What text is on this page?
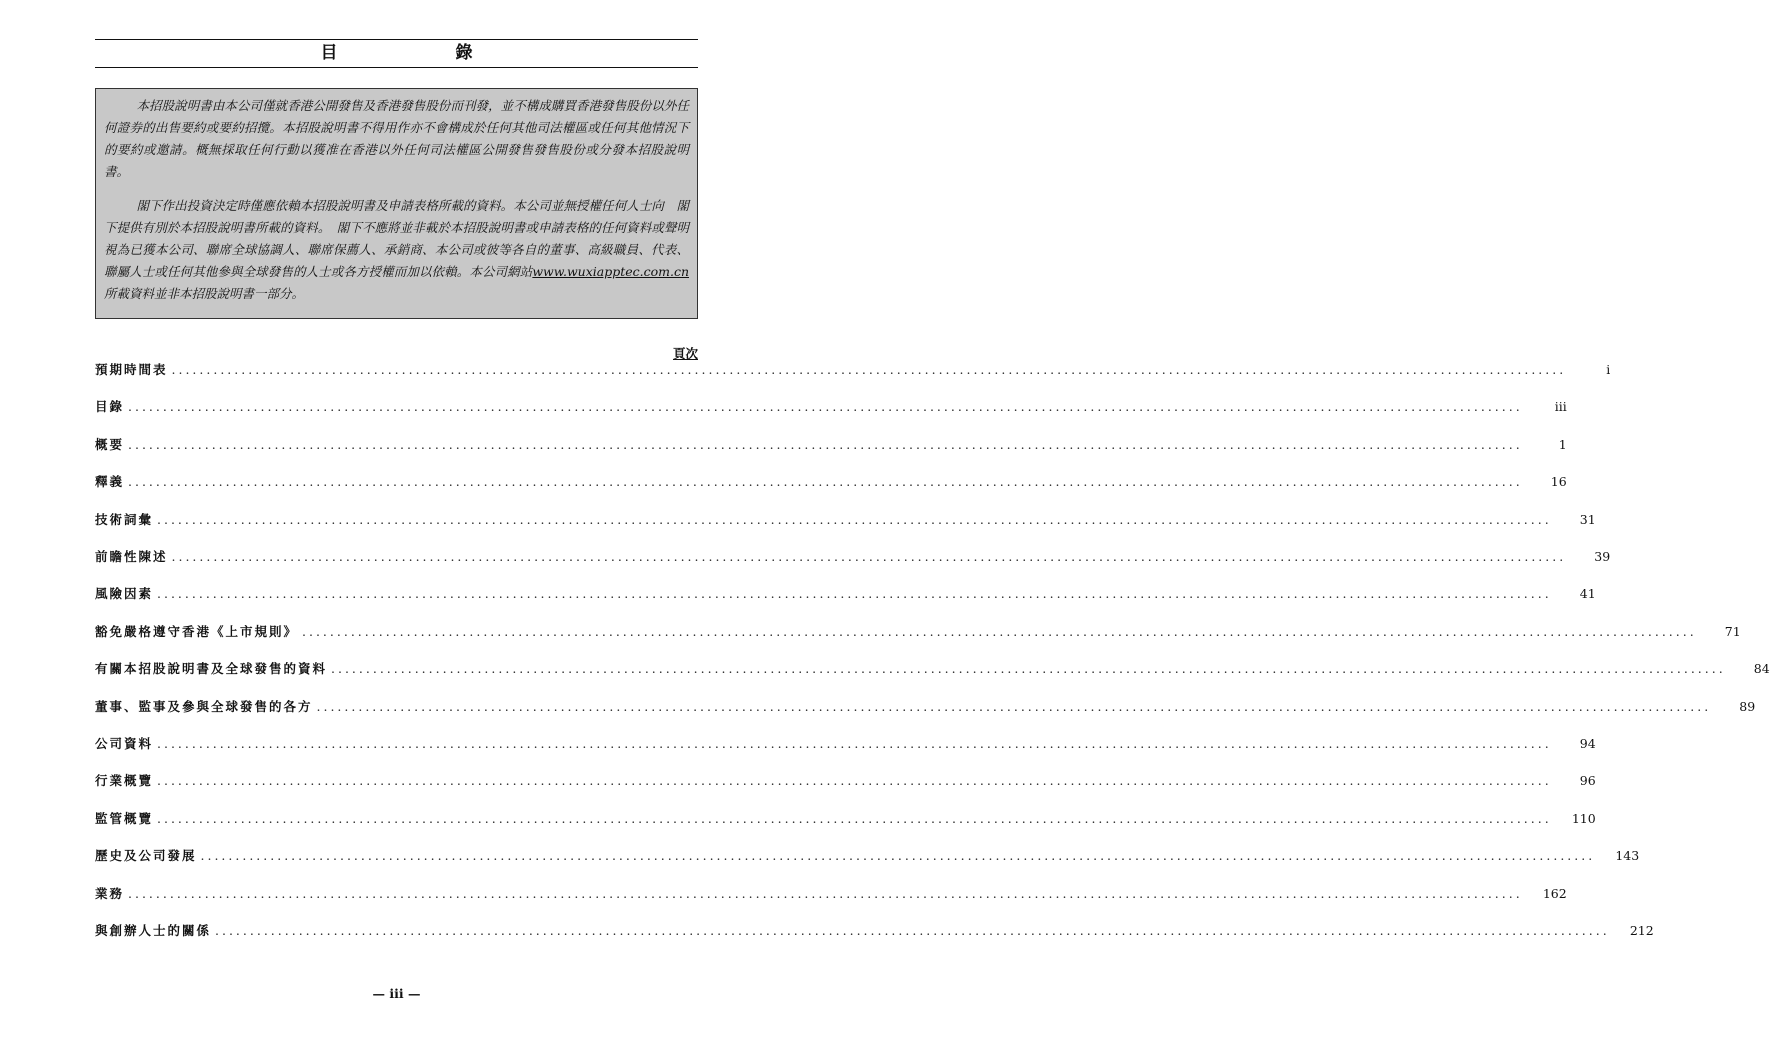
目　　錄

本招股說明書由本公司僅就香港公開發售及香港發售股份而刊發，並不構成購買香港發售股份以外任何證券的出售要約或要約招攬。本招股說明書不得用作亦不會構成於任何其他司法權區或任何其他情況下的要約或邀請。概無採取任何行動以獲准在香港以外任何司法權區公開發售發售股份或分發本招股說明書。

閣下作出投資決定時僅應依賴本招股說明書及申請表格所載的資料。本公司並無授權任何人士向　閣下提供有別於本招股說明書所載的資料。　閣下不應將並非載於本招股說明書或申請表格的任何資料或聲明視為已獲本公司、聯席全球協調人、聯席保薦人、承銷商、本公司或彼等各自的董事、高級職員、代表、聯屬人士或任何其他參與全球發售的人士或各方授權而加以依賴。本公司網站www.wuxiapptec.com.cn所載資料並非本招股說明書一部分。

頁次
預期時間表 ........................................................................................................................................................................................................	i
目錄 ........................................................................................................................................................................................................	iii
概要 ........................................................................................................................................................................................................	1
釋義 ........................................................................................................................................................................................................	16
技術詞彙 ........................................................................................................................................................................................................	31
前瞻性陳述 ........................................................................................................................................................................................................	39
風險因素 ........................................................................................................................................................................................................	41
豁免嚴格遵守香港《上市規則》 ........................................................................................................................................................................................................	71
有關本招股說明書及全球發售的資料 ........................................................................................................................................................................................................	84
董事、監事及參與全球發售的各方 ........................................................................................................................................................................................................	89
公司資料 ........................................................................................................................................................................................................	94
行業概覽 ........................................................................................................................................................................................................	96
監管概覽 ........................................................................................................................................................................................................	110
歷史及公司發展 ........................................................................................................................................................................................................	143
業務 ........................................................................................................................................................................................................	162
與創辦人士的關係 ........................................................................................................................................................................................................	212
— iii —
